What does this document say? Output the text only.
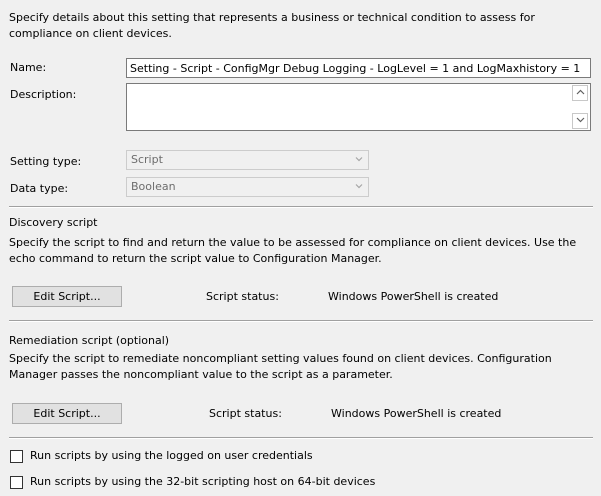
Specify details about this setting that represents a business or technical condition to assess for compliance on client devices.
Name:	Setting - Script - ConfigMgr Debug Logging - LogLevel = 1 and LogMaxhistory = 1
Description:
Setting type:	Script
Data type:	Boolean
Discovery script
Specify the script to find and return the value to be assessed for compliance on client devices. Use the echo command to return the script value to Configuration Manager.
Edit Script...	Script status:	Windows PowerShell is created
Remediation script (optional)
Specify the script to remediate noncompliant setting values found on client devices. Configuration Manager passes the noncompliant value to the script as a parameter.
Edit Script...	Script status:	Windows PowerShell is created
Run scripts by using the logged on user credentials
Run scripts by using the 32-bit scripting host on 64-bit devices
